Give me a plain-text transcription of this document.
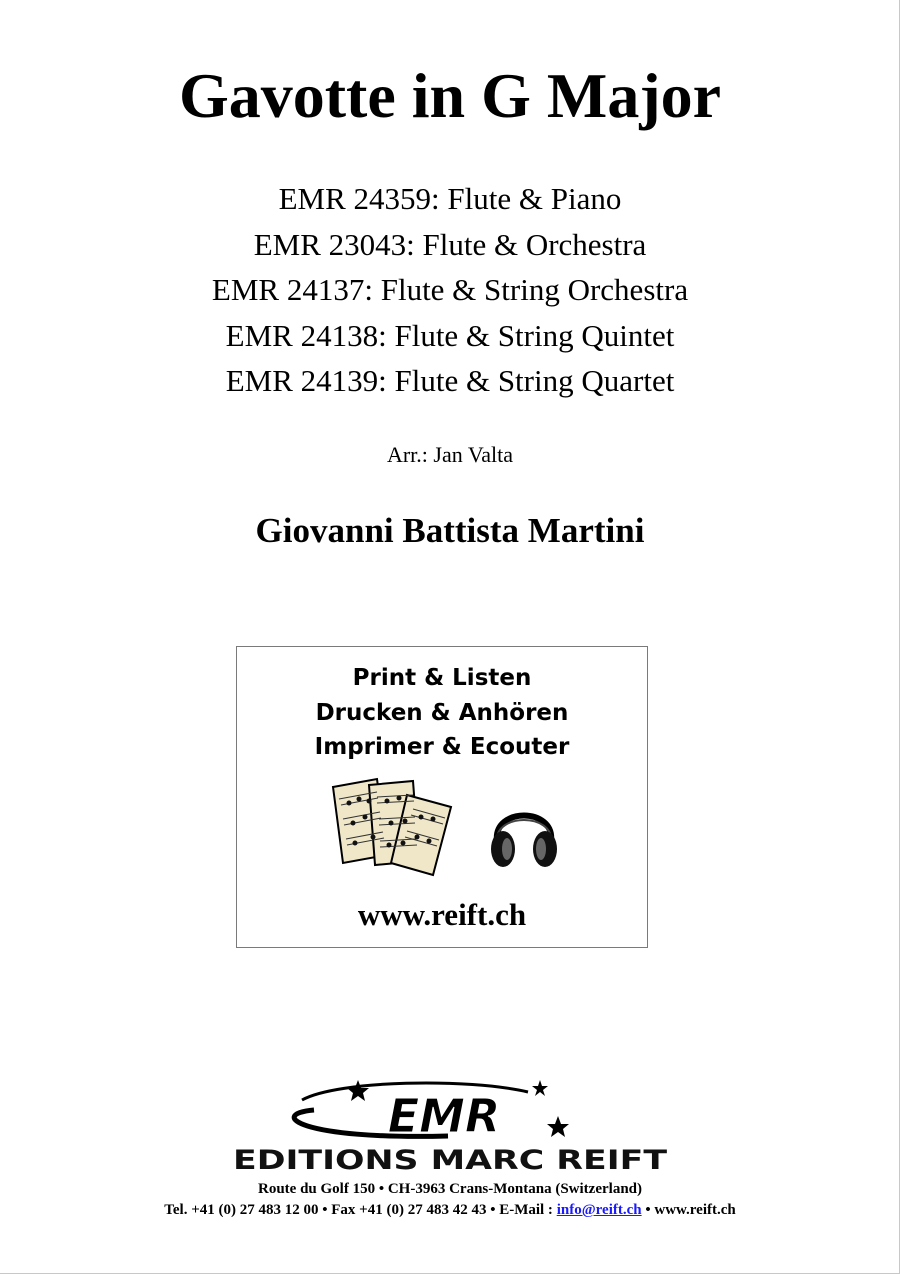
Gavotte in G Major
EMR 24359: Flute & Piano
EMR 23043: Flute & Orchestra
EMR 24137: Flute & String Orchestra
EMR 24138: Flute & String Quintet
EMR 24139: Flute & String Quartet
Arr.: Jan Valta
Giovanni Battista Martini
Print & Listen
Drucken & Anhören
Imprimer & Ecouter
www.reift.ch
EMR
EDITIONS MARC REIFT
Route du Golf 150 • CH-3963 Crans-Montana (Switzerland)
Tel. +41 (0) 27 483 12 00 • Fax +41 (0) 27 483 42 43 • E-Mail : info@reift.ch • www.reift.ch
